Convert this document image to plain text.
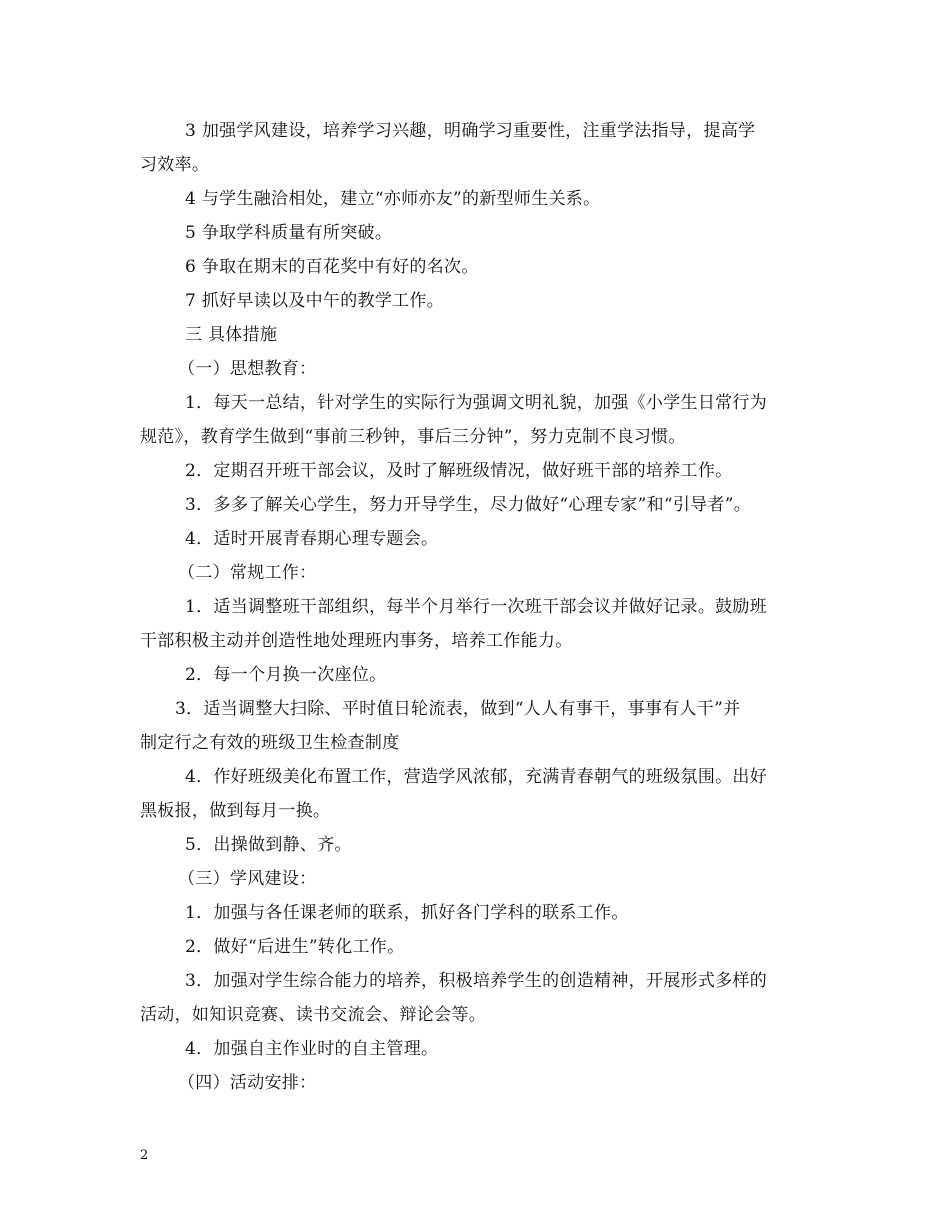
3 加强学风建设，培养学习兴趣，明确学习重要性，注重学法指导，提高学
习效率。
4 与学生融洽相处，建立“亦师亦友”的新型师生关系。
5 争取学科质量有所突破。
6 争取在期末的百花奖中有好的名次。
7 抓好早读以及中午的教学工作。
三 具体措施
（一）思想教育：
1．每天一总结，针对学生的实际行为强调文明礼貌，加强《小学生日常行为
规范》，教育学生做到“事前三秒钟，事后三分钟”，努力克制不良习惯。
2．定期召开班干部会议，及时了解班级情况，做好班干部的培养工作。
3．多多了解关心学生，努力开导学生，尽力做好“心理专家”和“引导者”。
4．适时开展青春期心理专题会。
（二）常规工作：
1．适当调整班干部组织，每半个月举行一次班干部会议并做好记录。鼓励班
干部积极主动并创造性地处理班内事务，培养工作能力。
2．每一个月换一次座位。
3．适当调整大扫除、平时值日轮流表，做到“人人有事干，事事有人干”并
制定行之有效的班级卫生检查制度
4．作好班级美化布置工作，营造学风浓郁，充满青春朝气的班级氛围。出好
黑板报，做到每月一换。
5．出操做到静、齐。
（三）学风建设：
1．加强与各任课老师的联系，抓好各门学科的联系工作。
2．做好“后进生”转化工作。
3．加强对学生综合能力的培养，积极培养学生的创造精神，开展形式多样的
活动，如知识竞赛、读书交流会、辩论会等。
4．加强自主作业时的自主管理。
（四）活动安排：
2
